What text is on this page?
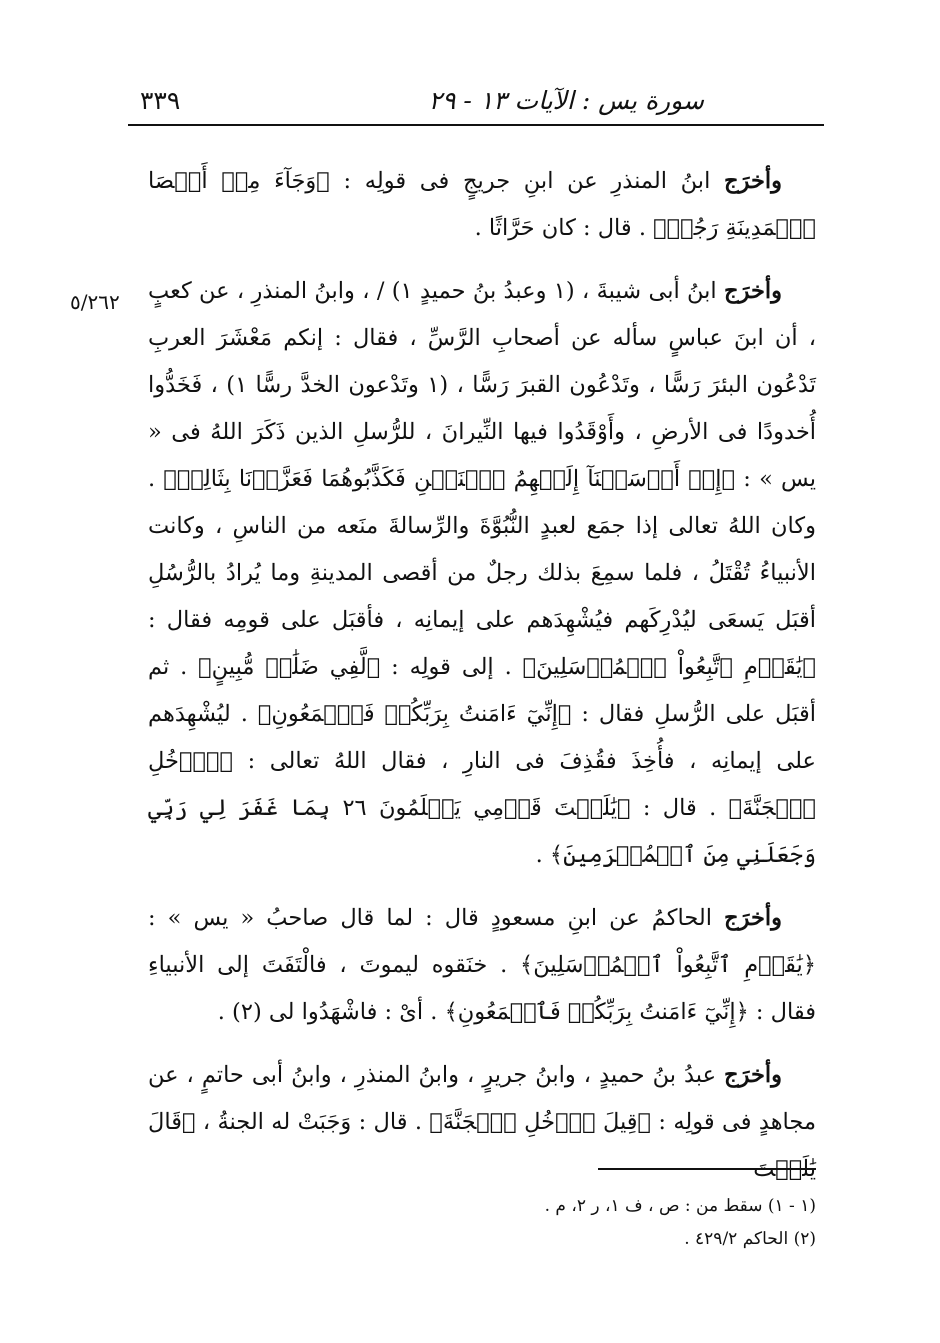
سورة يس : الآيات ١٣ - ٢٩
٣٣٩
٥/٢٦٢

وأخرَج ابنُ المنذرِ عن ابنِ جريجٍ فى قولِه : ﴿وَجَآءَ مِنۡ أَقۡصَا ٱلۡمَدِينَةِ رَجُلٞ﴾ . قال : كان حَرَّاثًا .

وأخرَج ابنُ أبى شيبةَ ، (١ وعبدُ بنُ حميدٍ ١) / ، وابنُ المنذرِ ، عن كعبٍ ، أن ابنَ عباسٍ سأله عن أصحابِ الرَّسِّ ، فقال : إنكم مَعْشَرَ العربِ تَدْعُون البئرَ رَسًّا ، وتَدْعُون القبرَ رَسًّا ، (١ وتَدْعون الخدَّ رسًّا ١) ، فَخَدُّوا أُخدودًا فى الأرضِ ، وأَوْقَدُوا فيها النِّيرانَ ، للرُّسلِ الذين ذَكَرَ اللهُ فى « يس » : ﴿إِذۡ أَرۡسَلۡنَآ إِلَيۡهِمُ ٱثۡنَيۡنِ فَكَذَّبُوهُمَا فَعَزَّزۡنَا بِثَالِثٖ﴾ . وكان اللهُ تعالى إذا جمَع لعبدٍ النُّبُوَّةَ والرِّسالةَ منَعه من الناسِ ، وكانت الأنبياءُ تُقْتَلُ ، فلما سمِعَ بذلك رجلٌ من أقصى المدينةِ وما يُرادُ بالرُّسُلِ أقبَل يَسعَى ليُدْرِكَهم فيُشْهِدَهم على إيمانِه ، فأقبَل على قومِه فقال : ﴿يَٰقَوۡمِ ٱتَّبِعُواْ ٱلۡمُرۡسَلِينَ﴾ . إلى قولِه : ﴿لَّفِي ضَلَٰلٖ مُّبِينٍ﴾ . ثم أقبَل على الرُّسلِ فقال : ﴿إِنِّيٓ ءَامَنتُ بِرَبِّكُمۡ فَٱسۡمَعُونِ﴾ . ليُشْهِدَهم على إيمانِه ، فأُخِذَ فقُذِفَ فى النارِ ، فقال اللهُ تعالى : ﴿ٱدۡخُلِ ٱلۡجَنَّةَ﴾ . قال : ﴿يَٰلَيۡتَ قَوۡمِي يَعۡلَمُونَ ٢٦ بِمَا غَفَرَ لِي رَبِّي وَجَعَلَنِي مِنَ ٱلۡمُكۡرَمِينَ﴾ .

وأخرَج الحاكمُ عن ابنِ مسعودٍ قال : لما قال صاحبُ « يس » : ﴿يَٰقَوۡمِ ٱتَّبِعُواْ ٱلۡمُرۡسَلِينَ﴾ . خنَقوه ليموتَ ، فالْتَفَتَ إلى الأنبياءِ فقال : ﴿إِنِّيٓ ءَامَنتُ بِرَبِّكُمۡ فَٱسۡمَعُونِ﴾ . أىْ : فاشْهَدُوا لى (٢) .

وأخرَج عبدُ بنُ حميدٍ ، وابنُ جريرٍ ، وابنُ المنذرِ ، وابنُ أبى حاتمٍ ، عن مجاهدٍ فى قولِه : ﴿قِيلَ ٱدۡخُلِ ٱلۡجَنَّةَ﴾ . قال : وَجَبَتْ له الجنةُ ، ﴿قَالَ يَٰلَيۡتَ

(١ - ١) سقط من : ص ، ف ١، ر ٢، م .

(٢) الحاكم ٤٢٩/٢ .
